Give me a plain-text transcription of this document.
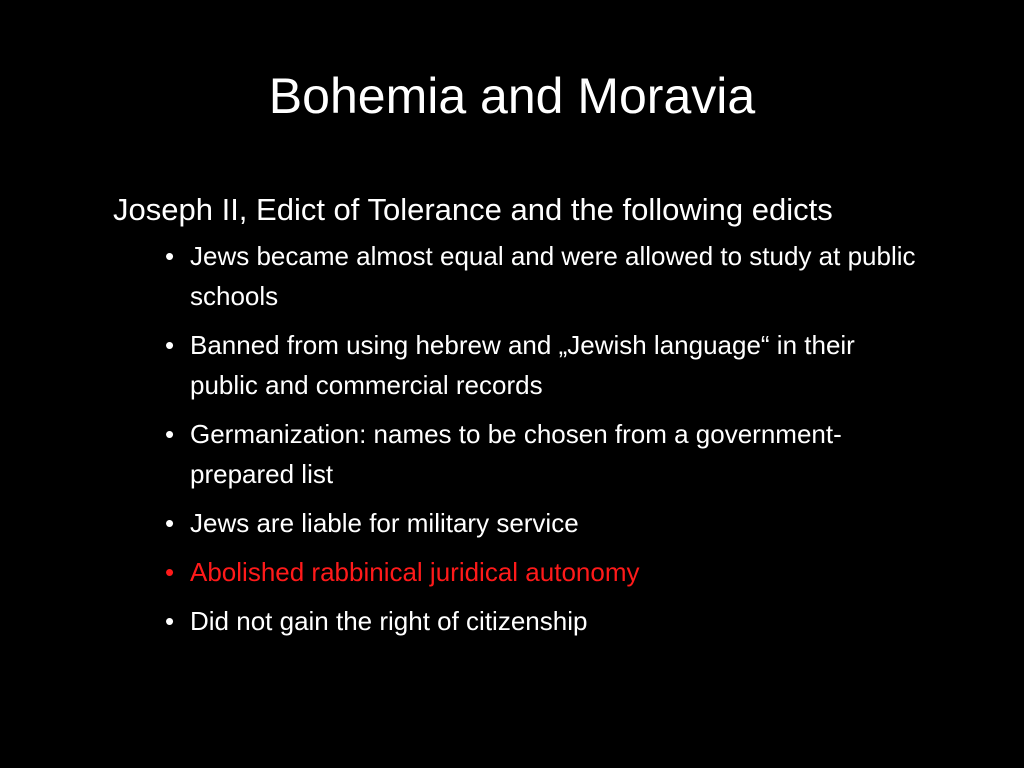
Bohemia and Moravia
Joseph II, Edict of Tolerance and the following edicts
• Jews became almost equal and were allowed to study at public schools
• Banned from using hebrew and „Jewish language“ in their public and commercial records
• Germanization: names to be chosen from a government-prepared list
• Jews are liable for military service
• Abolished rabbinical juridical autonomy
• Did not gain the right of citizenship
